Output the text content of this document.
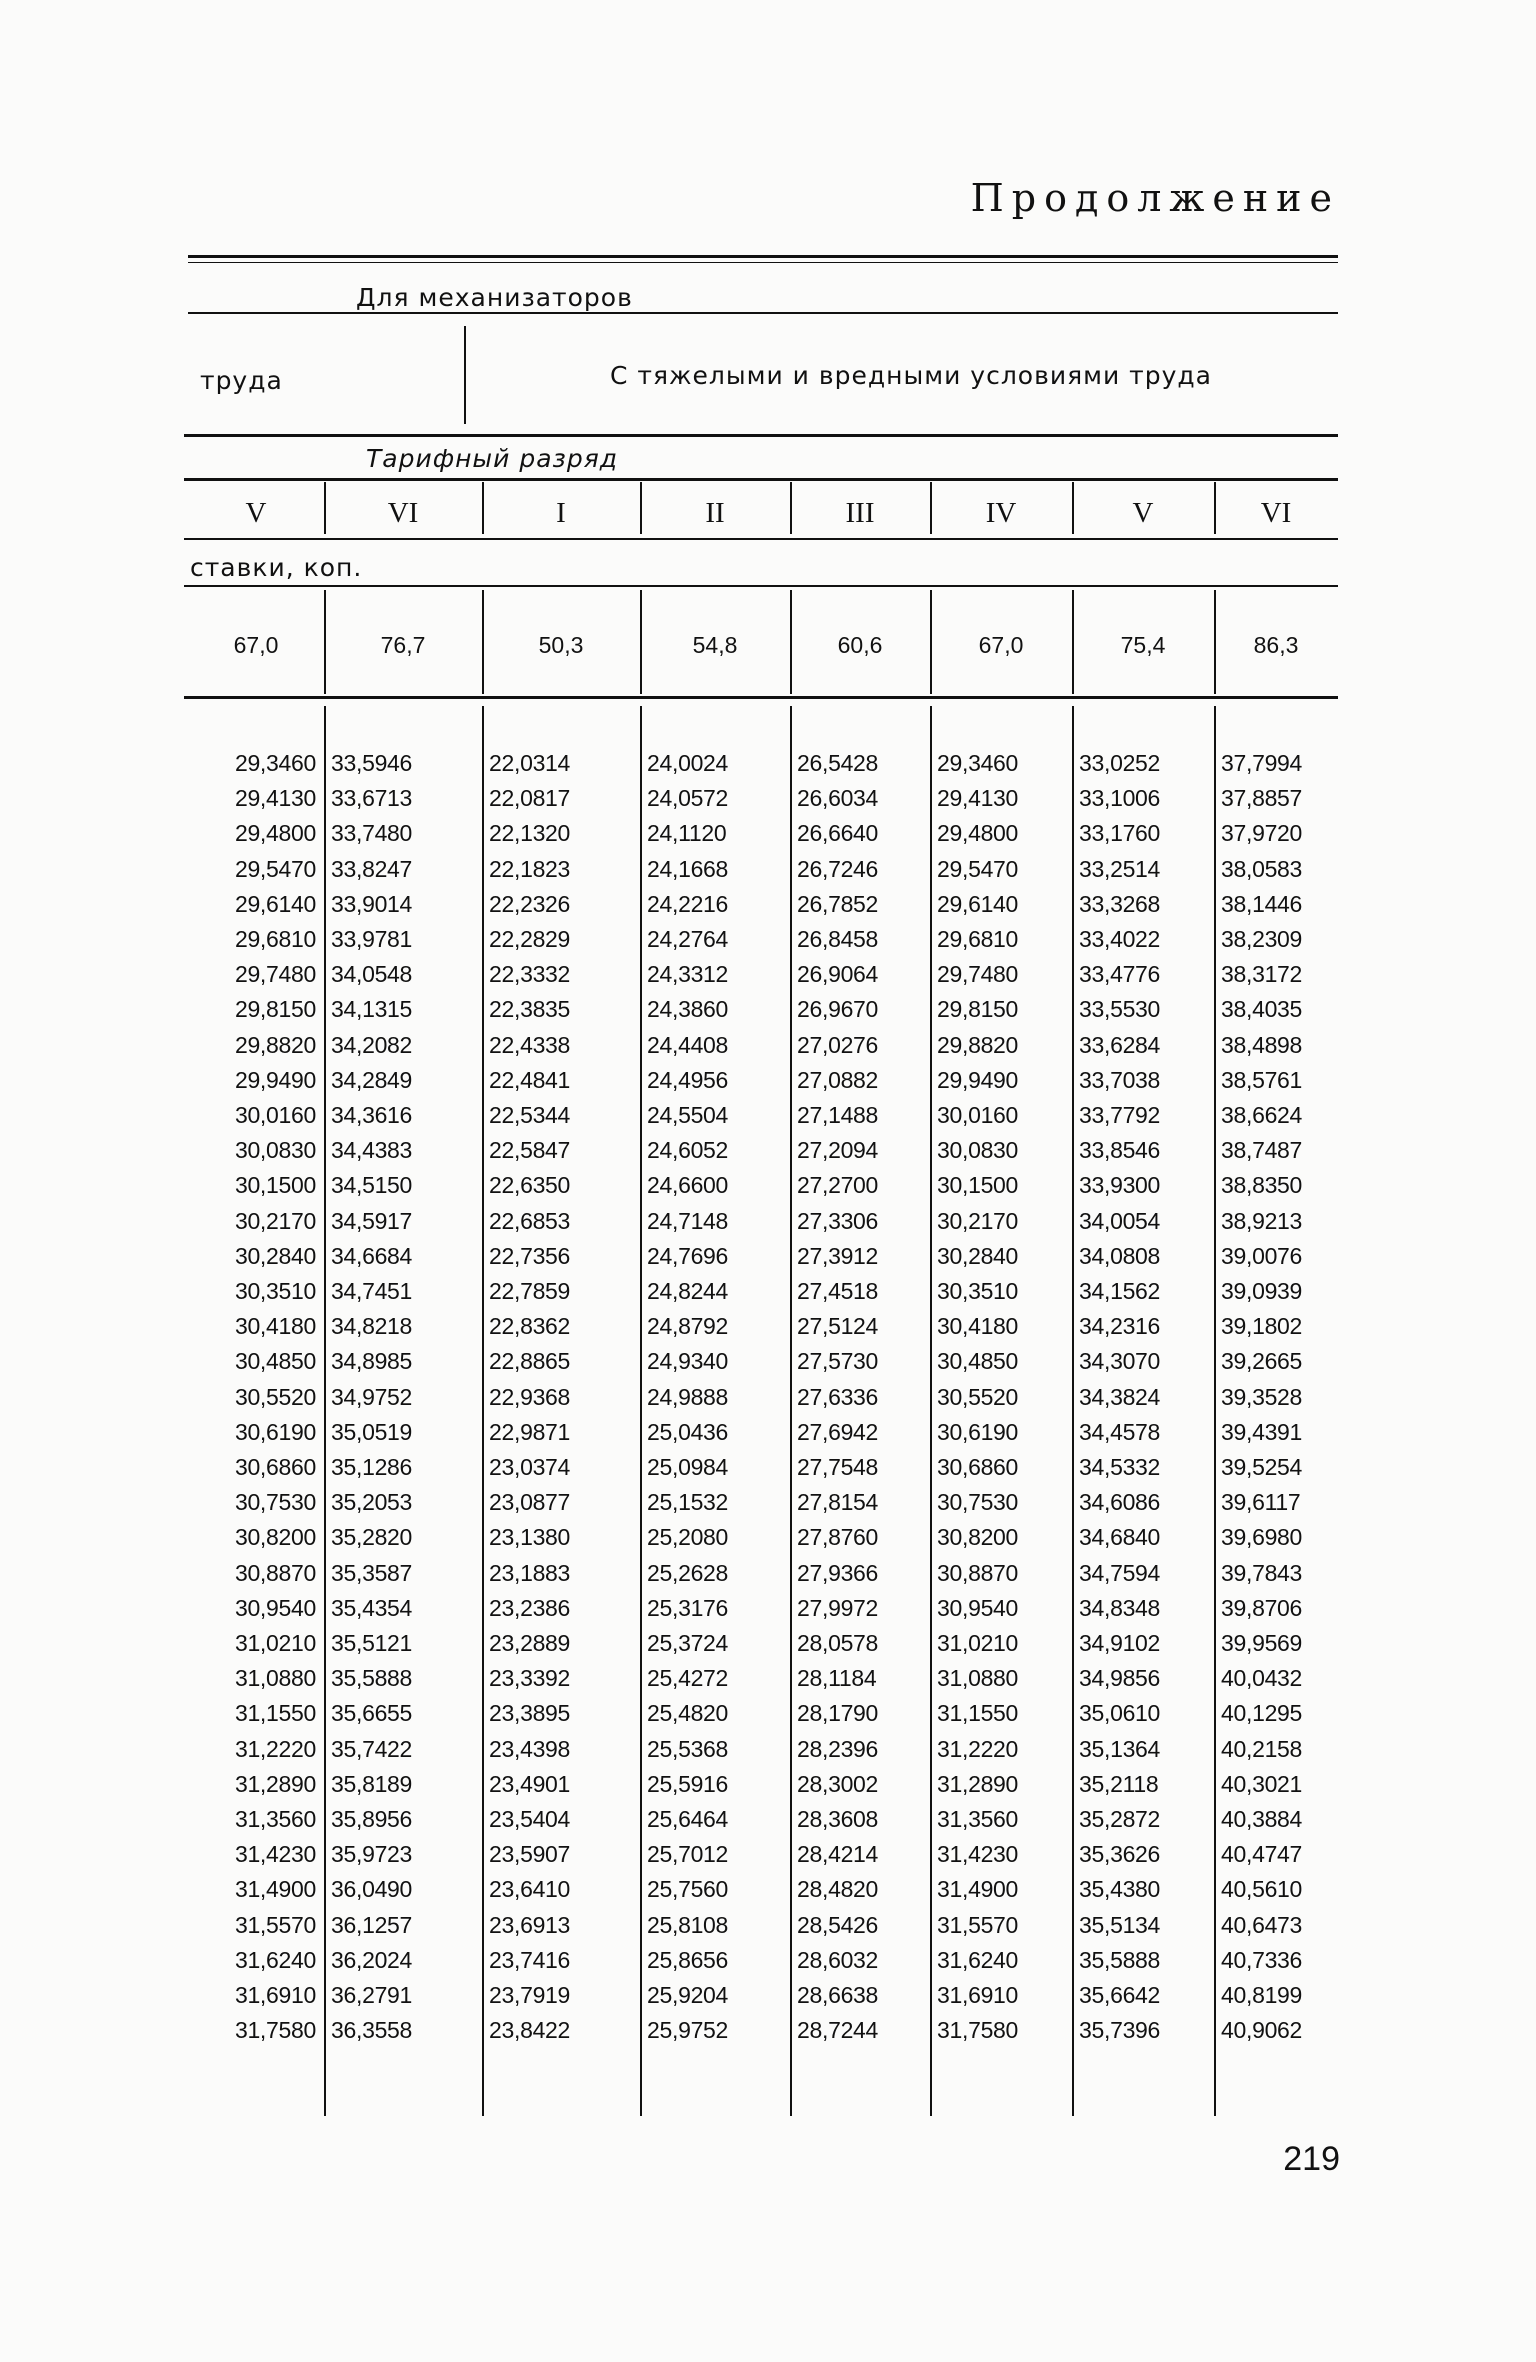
Продолжение
Для механизаторов
труда	С тяжелыми и вредными условиями труда
Тарифный разряд
V	VI	I	II	III	IV	V	VI
ставки, коп.
67,0	76,7	50,3	54,8	60,6	67,0	75,4	86,3
29,3460 33,5946	22,0314	24,0024	26,5428	29,3460	33,0252	37,7994
29,4130 33,6713	22,0817	24,0572	26,6034	29,4130	33,1006	37,8857
29,4800 33,7480	22,1320	24,1120	26,6640	29,4800	33,1760	37,9720
29,5470 33,8247	22,1823	24,1668	26,7246	29,5470	33,2514	38,0583
29,6140 33,9014	22,2326	24,2216	26,7852	29,6140	33,3268	38,1446
29,6810 33,9781	22,2829	24,2764	26,8458	29,6810	33,4022	38,2309
29,7480 34,0548	22,3332	24,3312	26,9064	29,7480	33,4776	38,3172
29,8150 34,1315	22,3835	24,3860	26,9670	29,8150	33,5530	38,4035
29,8820 34,2082	22,4338	24,4408	27,0276	29,8820	33,6284	38,4898
29,9490 34,2849	22,4841	24,4956	27,0882	29,9490	33,7038	38,5761
30,0160 34,3616	22,5344	24,5504	27,1488	30,0160	33,7792	38,6624
30,0830 34,4383	22,5847	24,6052	27,2094	30,0830	33,8546	38,7487
30,1500 34,5150	22,6350	24,6600	27,2700	30,1500	33,9300	38,8350
30,2170 34,5917	22,6853	24,7148	27,3306	30,2170	34,0054	38,9213
30,2840 34,6684	22,7356	24,7696	27,3912	30,2840	34,0808	39,0076
30,3510 34,7451	22,7859	24,8244	27,4518	30,3510	34,1562	39,0939
30,4180 34,8218	22,8362	24,8792	27,5124	30,4180	34,2316	39,1802
30,4850 34,8985	22,8865	24,9340	27,5730	30,4850	34,3070	39,2665
30,5520 34,9752	22,9368	24,9888	27,6336	30,5520	34,3824	39,3528
30,6190 35,0519	22,9871	25,0436	27,6942	30,6190	34,4578	39,4391
30,6860 35,1286	23,0374	25,0984	27,7548	30,6860	34,5332	39,5254
30,7530 35,2053	23,0877	25,1532	27,8154	30,7530	34,6086	39,6117
30,8200 35,2820	23,1380	25,2080	27,8760	30,8200	34,6840	39,6980
30,8870 35,3587	23,1883	25,2628	27,9366	30,8870	34,7594	39,7843
30,9540 35,4354	23,2386	25,3176	27,9972	30,9540	34,8348	39,8706
31,0210 35,5121	23,2889	25,3724	28,0578	31,0210	34,9102	39,9569
31,0880 35,5888	23,3392	25,4272	28,1184	31,0880	34,9856	40,0432
31,1550 35,6655	23,3895	25,4820	28,1790	31,1550	35,0610	40,1295
31,2220 35,7422	23,4398	25,5368	28,2396	31,2220	35,1364	40,2158
31,2890 35,8189	23,4901	25,5916	28,3002	31,2890	35,2118	40,3021
31,3560 35,8956	23,5404	25,6464	28,3608	31,3560	35,2872	40,3884
31,4230 35,9723	23,5907	25,7012	28,4214	31,4230	35,3626	40,4747
31,4900 36,0490	23,6410	25,7560	28,4820	31,4900	35,4380	40,5610
31,5570 36,1257	23,6913	25,8108	28,5426	31,5570	35,5134	40,6473
31,6240 36,2024	23,7416	25,8656	28,6032	31,6240	35,5888	40,7336
31,6910 36,2791	23,7919	25,9204	28,6638	31,6910	35,6642	40,8199
31,7580 36,3558	23,8422	25,9752	28,7244	31,7580	35,7396	40,9062
219
